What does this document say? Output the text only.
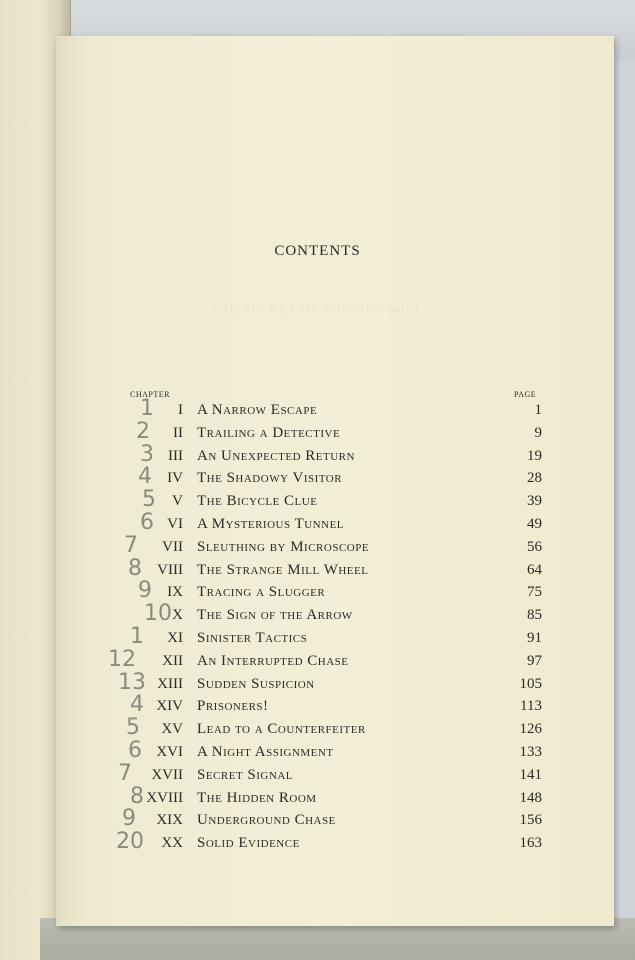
CONTENTS
THE SECRET OF THE OLD MILL
CHAPTER	PAGE
1 I A Narrow Escape	1
2 II Trailing a Detective	9
3 III An Unexpected Return	19
4 IV The Shadowy Visitor	28
5 V The Bicycle Clue	39
6 VI A Mysterious Tunnel	49
7 VII Sleuthing by Microscope	56
8 VIII The Strange Mill Wheel	64
9 IX Tracing a Slugger	75
10 X The Sign of the Arrow	85
1 XI Sinister Tactics	91
12 XII An Interrupted Chase	97
13 XIII Sudden Suspicion	105
4 XIV Prisoners!	113
5 XV Lead to a Counterfeiter	126
6 XVI A Night Assignment	133
7 XVII Secret Signal	141
8 XVIII The Hidden Room	148
9 XIX Underground Chase	156
20 XX Solid Evidence	163
